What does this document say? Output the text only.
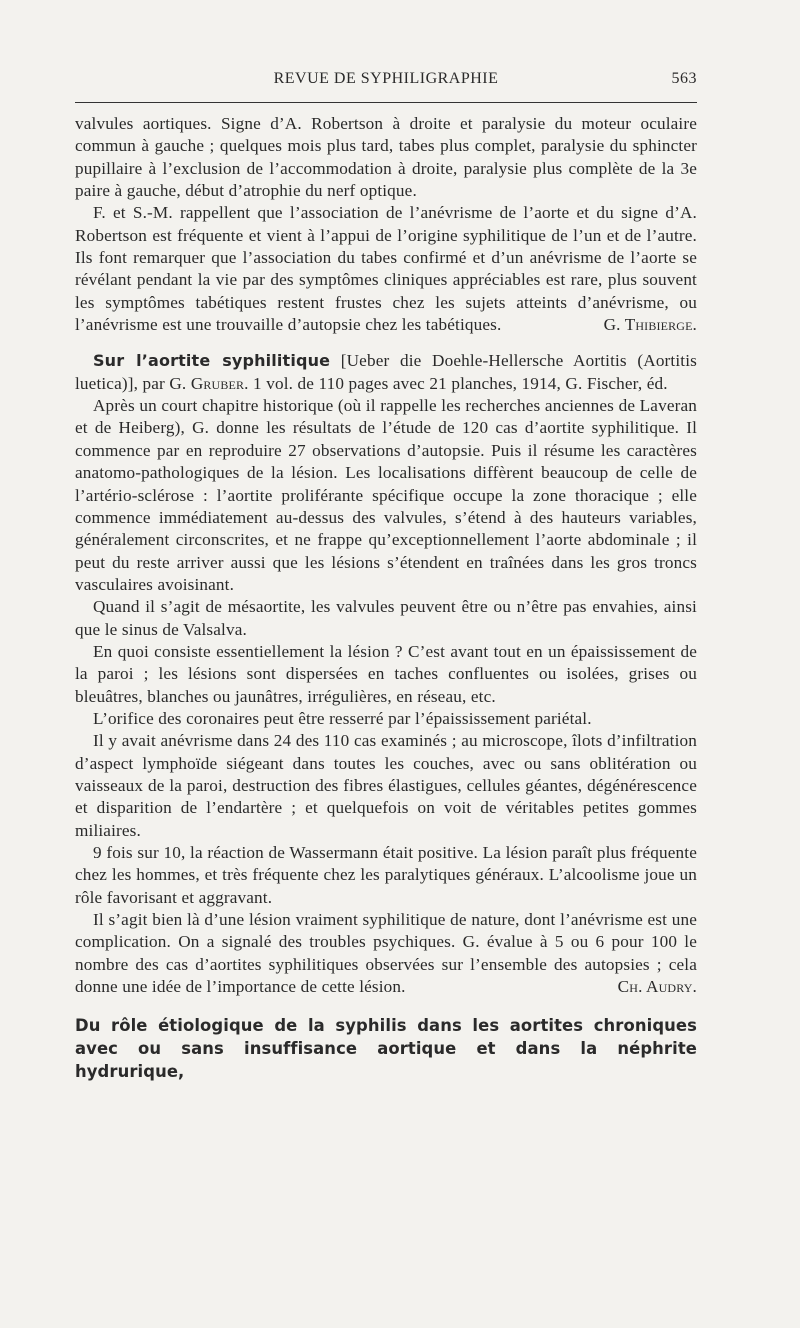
REVUE DE SYPHILIGRAPHIE	563

valvules aortiques. Signe d’A. Robertson à droite et paralysie du moteur oculaire commun à gauche ; quelques mois plus tard, tabes plus complet, paralysie du sphincter pupillaire à l’exclusion de l’accommodation à droite, paralysie plus complète de la 3e paire à gauche, début d’atrophie du nerf optique.

F. et S.-M. rappellent que l’association de l’anévrisme de l’aorte et du signe d’A. Robertson est fréquente et vient à l’appui de l’origine syphilitique de l’un et de l’autre. Ils font remarquer que l’association du tabes confirmé et d’un anévrisme de l’aorte se révélant pendant la vie par des symptômes cliniques appréciables est rare, plus souvent les symptômes tabétiques restent frustes chez les sujets atteints d’anévrisme, ou l’anévrisme est une trouvaille d’autopsie chez les tabétiques.	G. Thibierge.

Sur l’aortite syphilitique [Ueber die Doehle-Hellersche Aortitis (Aortitis luetica)], par G. Gruber. 1 vol. de 110 pages avec 21 planches, 1914, G. Fischer, éd.

Après un court chapitre historique (où il rappelle les recherches anciennes de Laveran et de Heiberg), G. donne les résultats de l’étude de 120 cas d’aortite syphilitique. Il commence par en reproduire 27 observations d’autopsie. Puis il résume les caractères anatomo-pathologiques de la lésion. Les localisations diffèrent beaucoup de celle de l’artério-sclérose : l’aortite proliférante spécifique occupe la zone thoracique ; elle commence immédiatement au-dessus des valvules, s’étend à des hauteurs variables, généralement circonscrites, et ne frappe qu’exceptionnellement l’aorte abdominale ; il peut du reste arriver aussi que les lésions s’étendent en traînées dans les gros troncs vasculaires avoisinant.

Quand il s’agit de mésaortite, les valvules peuvent être ou n’être pas envahies, ainsi que le sinus de Valsalva.

En quoi consiste essentiellement la lésion ? C’est avant tout en un épaississement de la paroi ; les lésions sont dispersées en taches confluentes ou isolées, grises ou bleuâtres, blanches ou jaunâtres, irrégulières, en réseau, etc.

L’orifice des coronaires peut être resserré par l’épaississement pariétal.

Il y avait anévrisme dans 24 des 110 cas examinés ; au microscope, îlots d’infiltration d’aspect lymphoïde siégeant dans toutes les couches, avec ou sans oblitération ou vaisseaux de la paroi, destruction des fibres élastigues, cellules géantes, dégénérescence et disparition de l’endartère ; et quelquefois on voit de véritables petites gommes miliaires.

9 fois sur 10, la réaction de Wassermann était positive. La lésion paraît plus fréquente chez les hommes, et très fréquente chez les paralytiques généraux. L’alcoolisme joue un rôle favorisant et aggravant.

Il s’agit bien là d’une lésion vraiment syphilitique de nature, dont l’anévrisme est une complication. On a signalé des troubles psychiques. G. évalue à 5 ou 6 pour 100 le nombre des cas d’aortites syphilitiques observées sur l’ensemble des autopsies ; cela donne une idée de l’importance de cette lésion.	Ch. Audry.

Du rôle étiologique de la syphilis dans les aortites chroniques avec ou sans insuffisance aortique et dans la néphrite hydrurique,
